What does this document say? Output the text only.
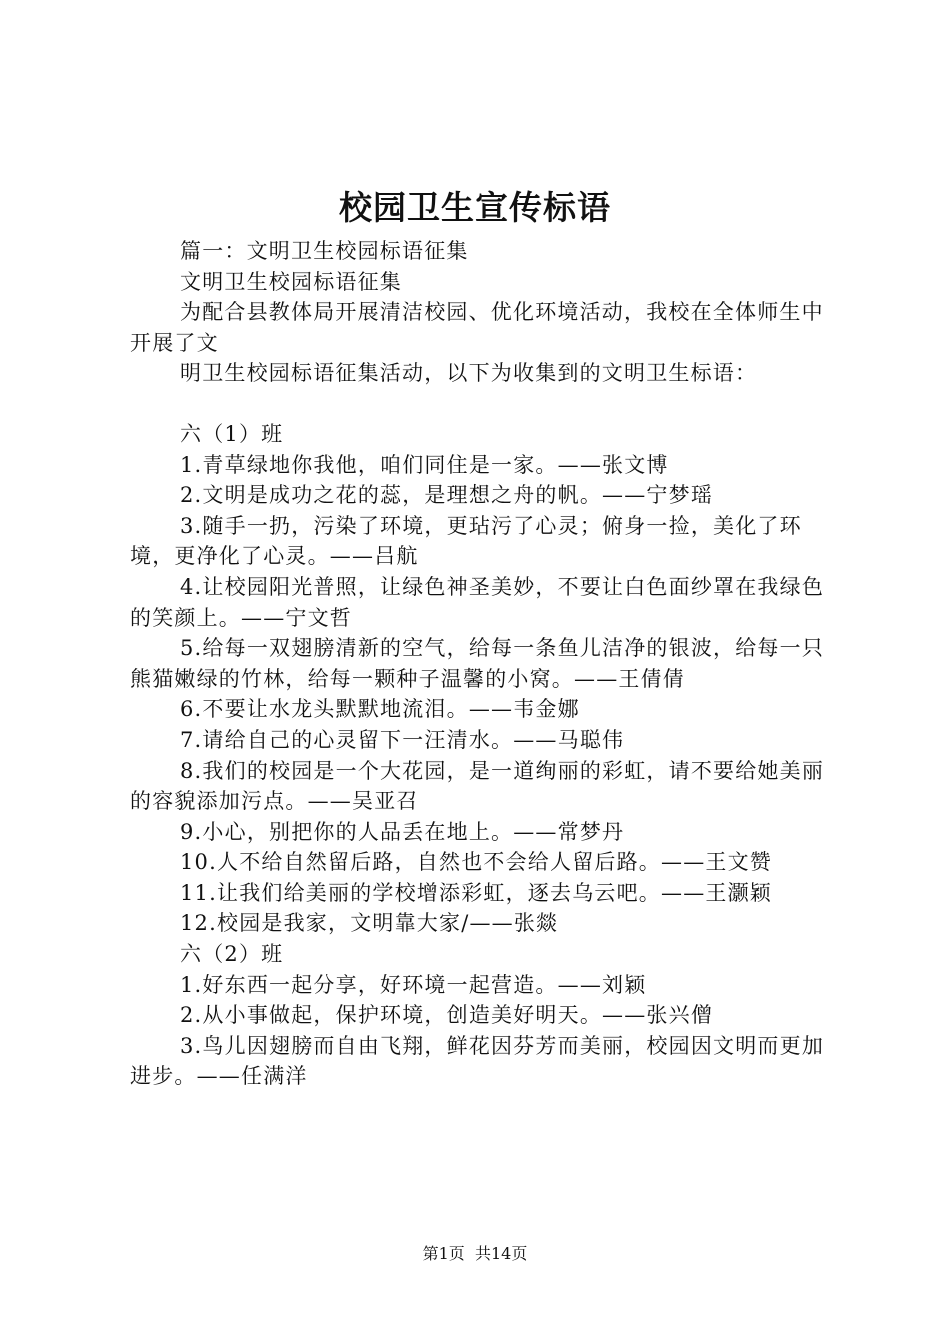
校园卫生宣传标语

篇一：文明卫生校园标语征集

文明卫生校园标语征集

为配合县教体局开展清洁校园、优化环境活动，我校在全体师生中开展了文

明卫生校园标语征集活动，以下为收集到的文明卫生标语：

六（1）班

1.青草绿地你我他，咱们同住是一家。——张文博

2.文明是成功之花的蕊，是理想之舟的帆。——宁梦瑶

3.随手一扔，污染了环境，更玷污了心灵；俯身一捡，美化了环境，更净化了心灵。——吕航

4.让校园阳光普照，让绿色神圣美妙，不要让白色面纱罩在我绿色的笑颜上。——宁文哲

5.给每一双翅膀清新的空气，给每一条鱼儿洁净的银波，给每一只熊猫嫩绿的竹林，给每一颗种子温馨的小窝。——王倩倩

6.不要让水龙头默默地流泪。——韦金娜

7.请给自己的心灵留下一汪清水。——马聪伟

8.我们的校园是一个大花园，是一道绚丽的彩虹，请不要给她美丽的容貌添加污点。——吴亚召

9.小心，别把你的人品丢在地上。——常梦丹

10.人不给自然留后路，自然也不会给人留后路。——王文赞

11.让我们给美丽的学校增添彩虹，逐去乌云吧。——王灏颖

12.校园是我家，文明靠大家/——张燚

六（2）班

1.好东西一起分享，好环境一起营造。——刘颖

2.从小事做起，保护环境，创造美好明天。——张兴僧

3.鸟儿因翅膀而自由飞翔，鲜花因芬芳而美丽，校园因文明而更加进步。——任满洋

第1页 共14页
